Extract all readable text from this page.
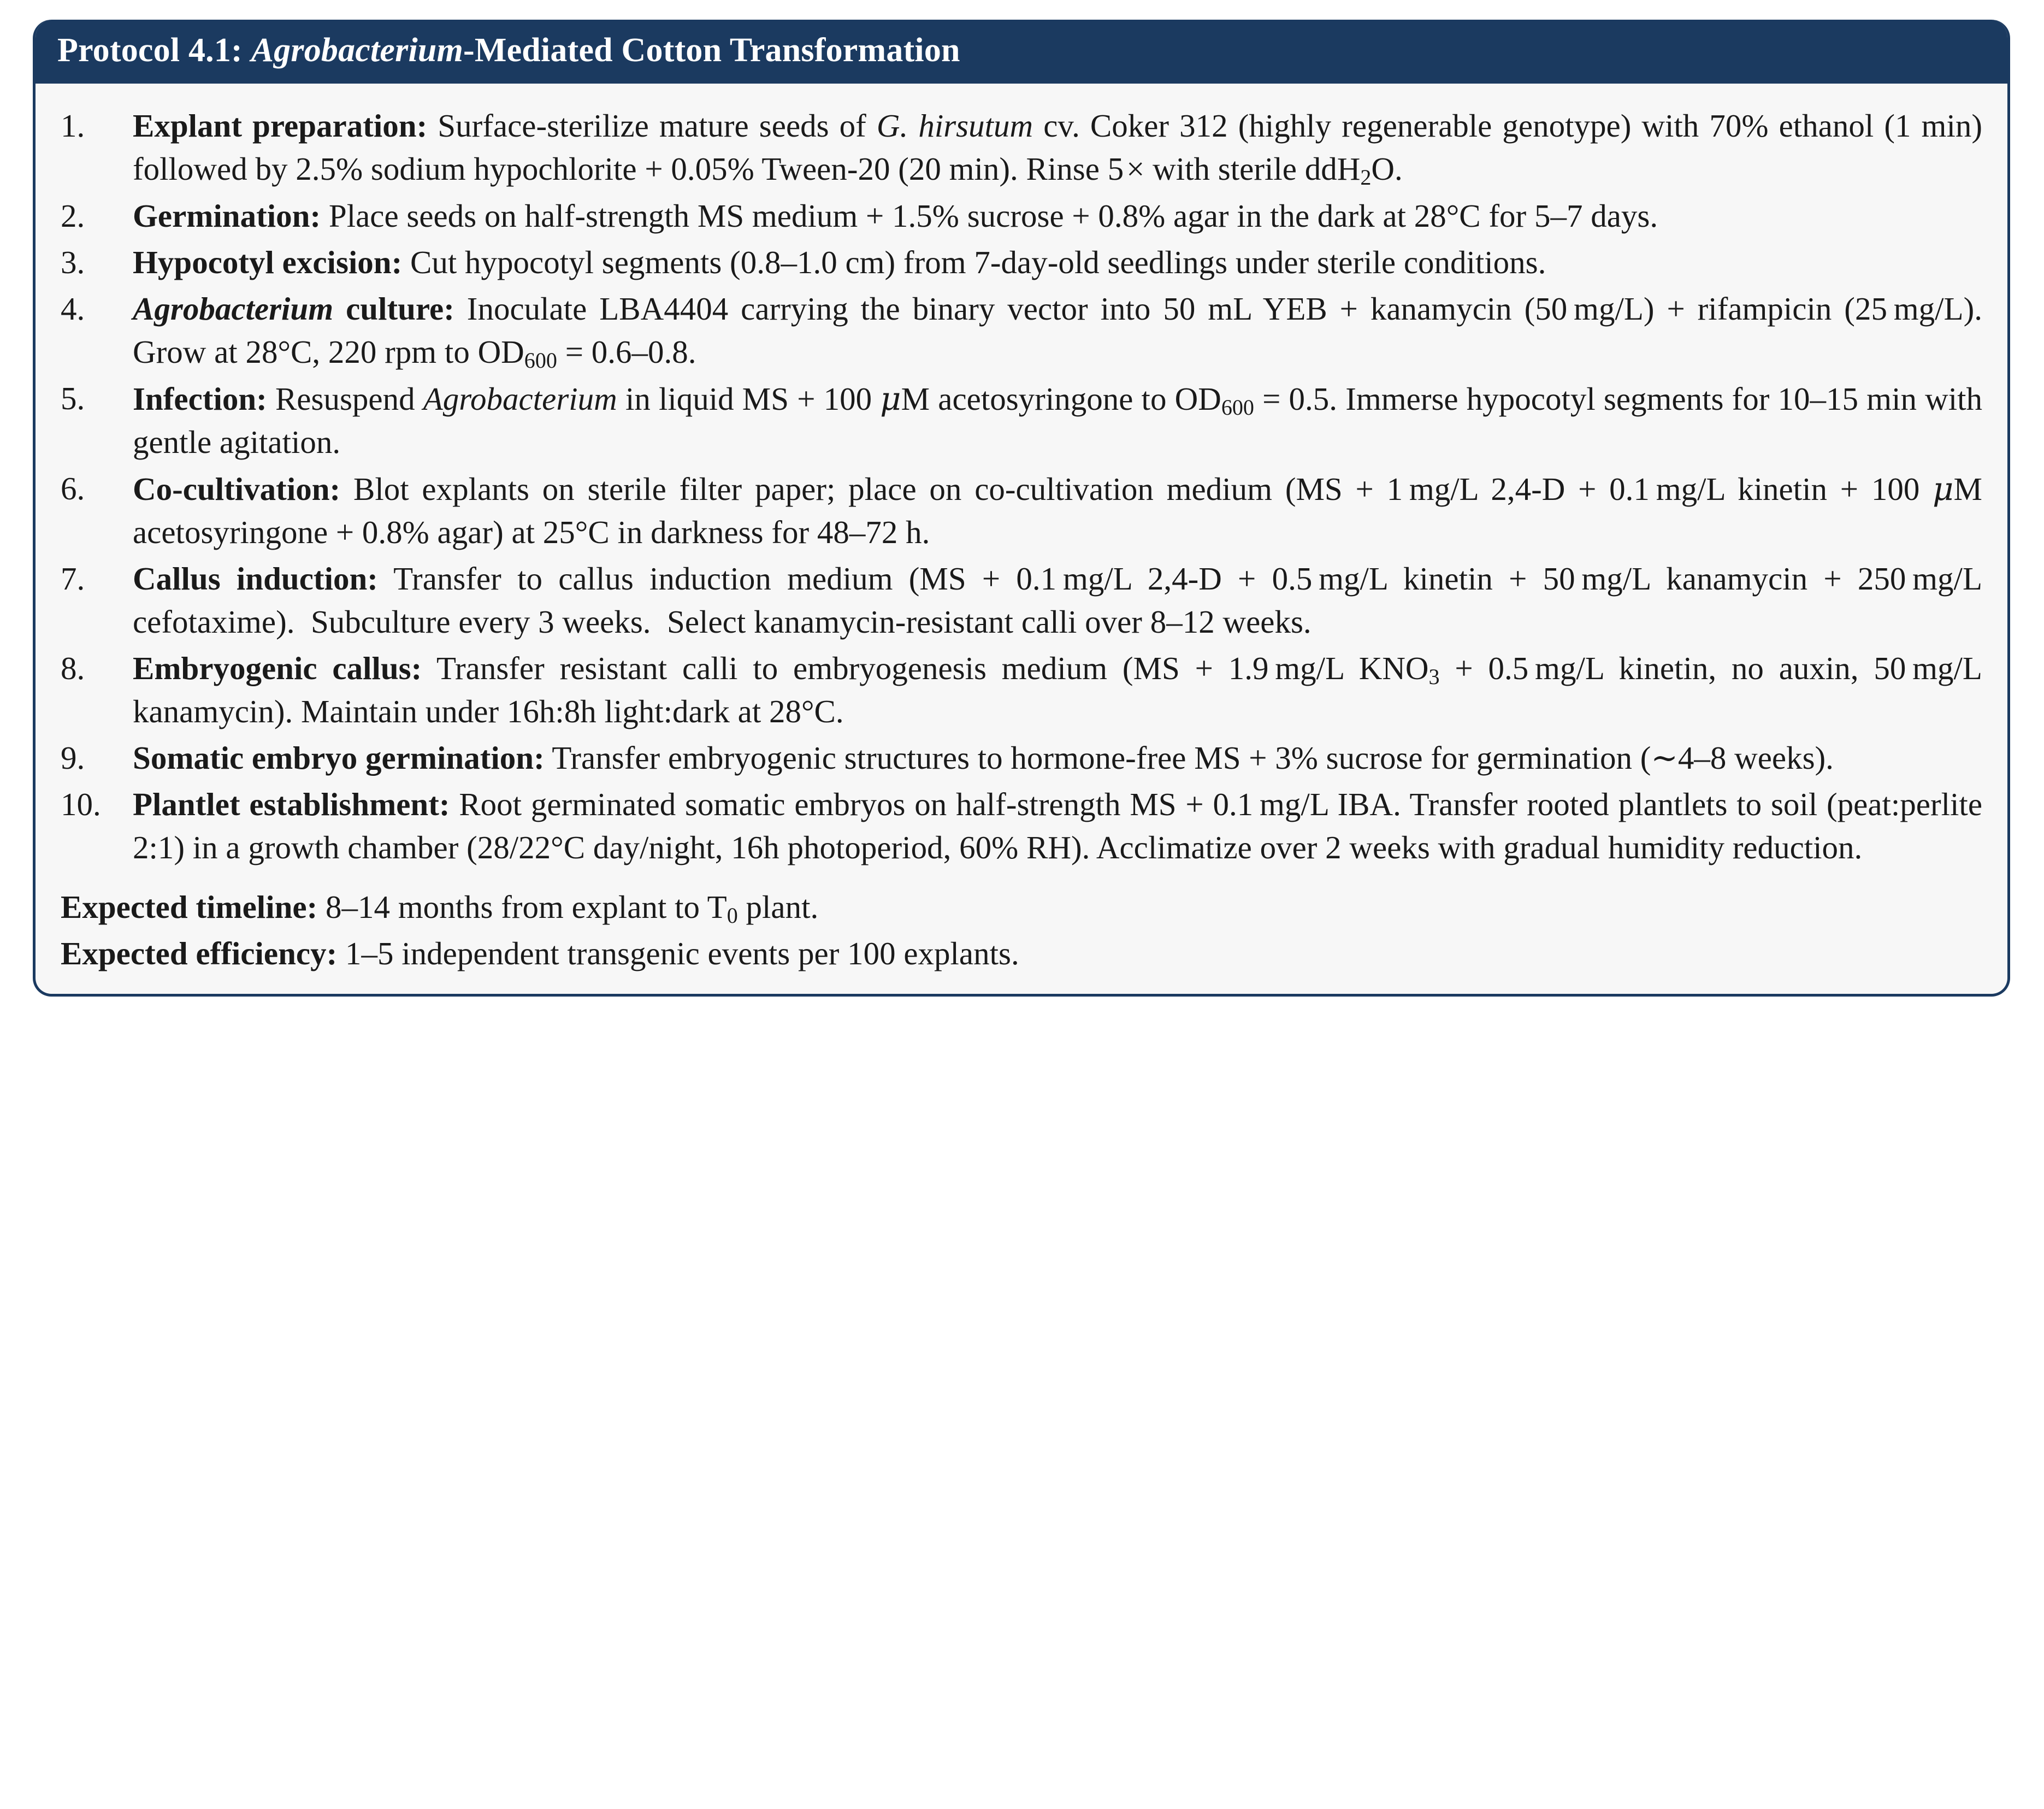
Protocol 4.1: Agrobacterium-Mediated Cotton Transformation
1.	Explant preparation: Surface-sterilize mature seeds of G. hirsutum cv. Coker 312 (highly regenerable genotype) with 70% ethanol (1 min) followed by 2.5% sodium hypochlorite + 0.05% Tween-20 (20 min). Rinse 5 × with sterile ddH$_2$O.
2.	Germination: Place seeds on half-strength MS medium + 1.5% sucrose + 0.8% agar in the dark at 28°C for 5–7 days.
3.	Hypocotyl excision: Cut hypocotyl segments (0.8–1.0 cm) from 7-day-old seedlings under sterile conditions.
4.	Agrobacterium culture: Inoculate LBA4404 carrying the binary vector into 50 mL YEB + kanamycin (50 mg/L) + rifampicin (25 mg/L). Grow at 28°C, 220 rpm to $OD_{600} = 0.6-0.8$.
5.	Infection: Resuspend Agrobacterium in liquid MS + 100 μM acetosyringone to $OD_{600} = 0.5$. Immerse hypocotyl segments for 10–15 min with gentle agitation.
6.	Co-cultivation: Blot explants on sterile filter paper; place on co-cultivation medium (MS + 1 mg/L 2,4-D + 0.1 mg/L kinetin + 100 μM acetosyringone + 0.8% agar) at 25°C in darkness for 48–72 h.
7.	Callus induction: Transfer to callus induction medium (MS + 0.1 mg/L 2,4-D + 0.5 mg/L kinetin + 50 mg/L kanamycin + 250 mg/L cefotaxime). Subculture every 3 weeks. Select kanamycin-resistant calli over 8–12 weeks.
8.	Embryogenic callus: Transfer resistant calli to embryogenesis medium (MS + 1.9 mg/L $KNO_3 + 0.5$ mg/L kinetin, no auxin, 50 mg/L kanamycin). Maintain under 16h:8h light:dark at 28°C.
9.	Somatic embryo germination: Transfer embryogenic structures to hormone-free MS + 3% sucrose for germination (∼4–8 weeks).
10. Plantlet establishment: Root germinated somatic embryos on half-strength MS + 0.1 mg/L IBA. Transfer rooted plantlets to soil (peat:perlite 2:1) in a growth chamber (28/22°C day/night, 16h photoperiod, 60% RH). Acclimatize over 2 weeks with gradual humidity reduction.
Expected timeline: 8–14 months from explant to $T_0$ plant.
Expected efficiency: 1–5 independent transgenic events per 100 explants.
